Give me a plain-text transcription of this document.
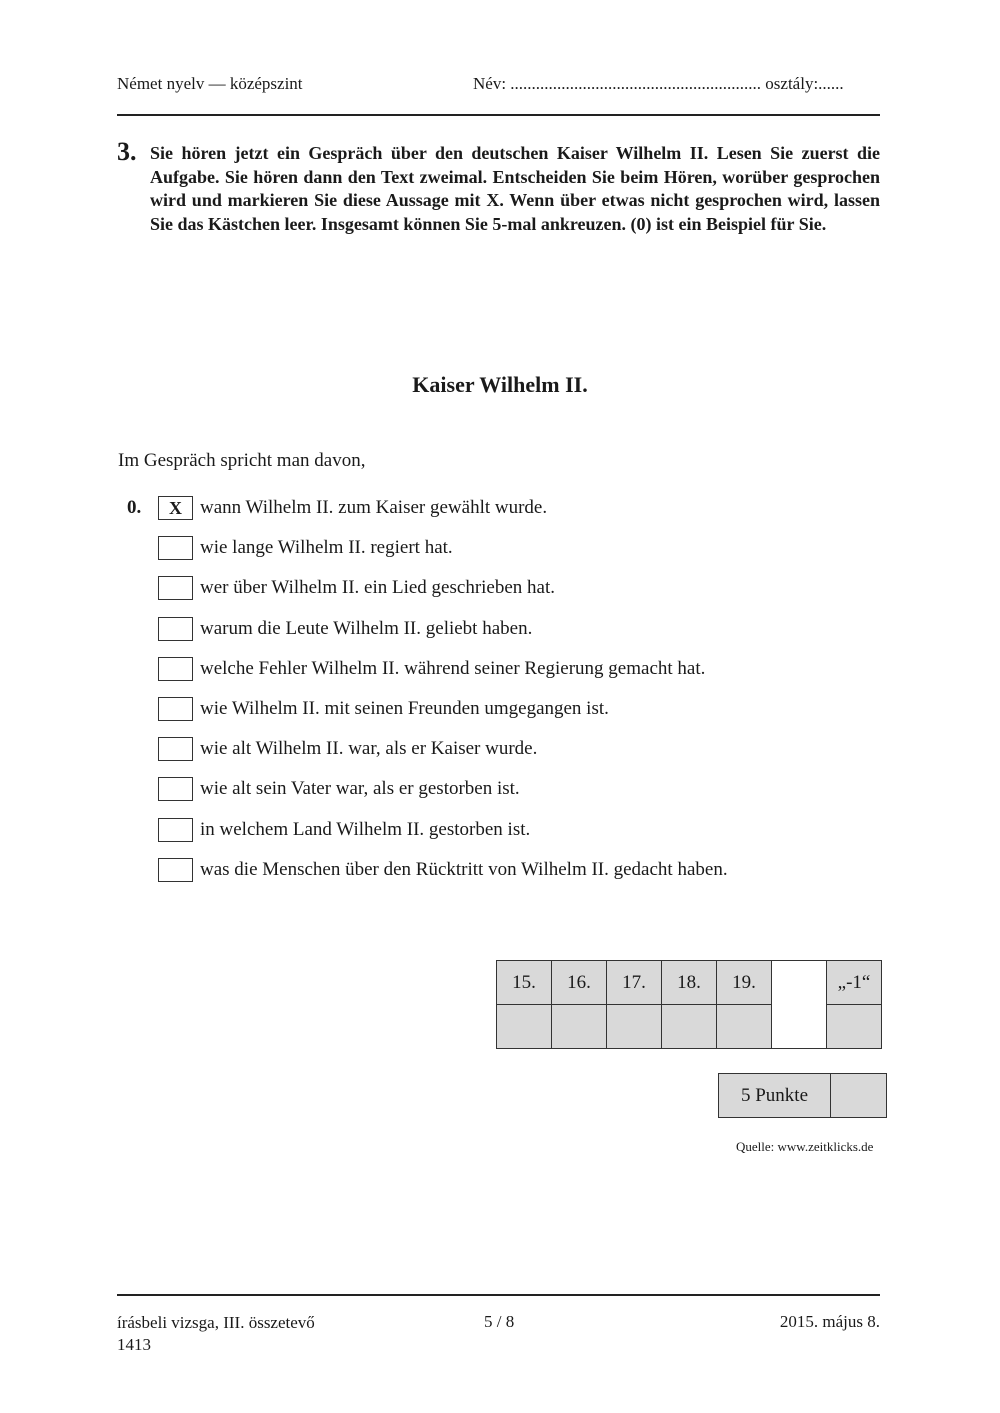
Német nyelv — középszint	Név: ........................................................... osztály:......
3. Sie hören jetzt ein Gespräch über den deutschen Kaiser Wilhelm II. Lesen Sie zuerst die Aufgabe. Sie hören dann den Text zweimal. Entscheiden Sie beim Hören, worüber gesprochen wird und markieren Sie diese Aussage mit X. Wenn über etwas nicht gesprochen wird, lassen Sie das Kästchen leer. Insgesamt können Sie 5-mal ankreuzen. (0) ist ein Beispiel für Sie.
Kaiser Wilhelm II.
Im Gespräch spricht man davon,
0.	X wann Wilhelm II. zum Kaiser gewählt wurde.
wie lange Wilhelm II. regiert hat.
wer über Wilhelm II. ein Lied geschrieben hat.
warum die Leute Wilhelm II. geliebt haben.
welche Fehler Wilhelm II. während seiner Regierung gemacht hat.
wie Wilhelm II. mit seinen Freunden umgegangen ist.
wie alt Wilhelm II. war, als er Kaiser wurde.
wie alt sein Vater war, als er gestorben ist.
in welchem Land Wilhelm II. gestorben ist.
was die Menschen über den Rücktritt von Wilhelm II. gedacht haben.
15.	16.	17.	18.	19.		„-1“

5 Punkte	
Quelle: www.zeitklicks.de
írásbeli vizsga, III. összetevő
1413
5 / 8	2015. május 8.
